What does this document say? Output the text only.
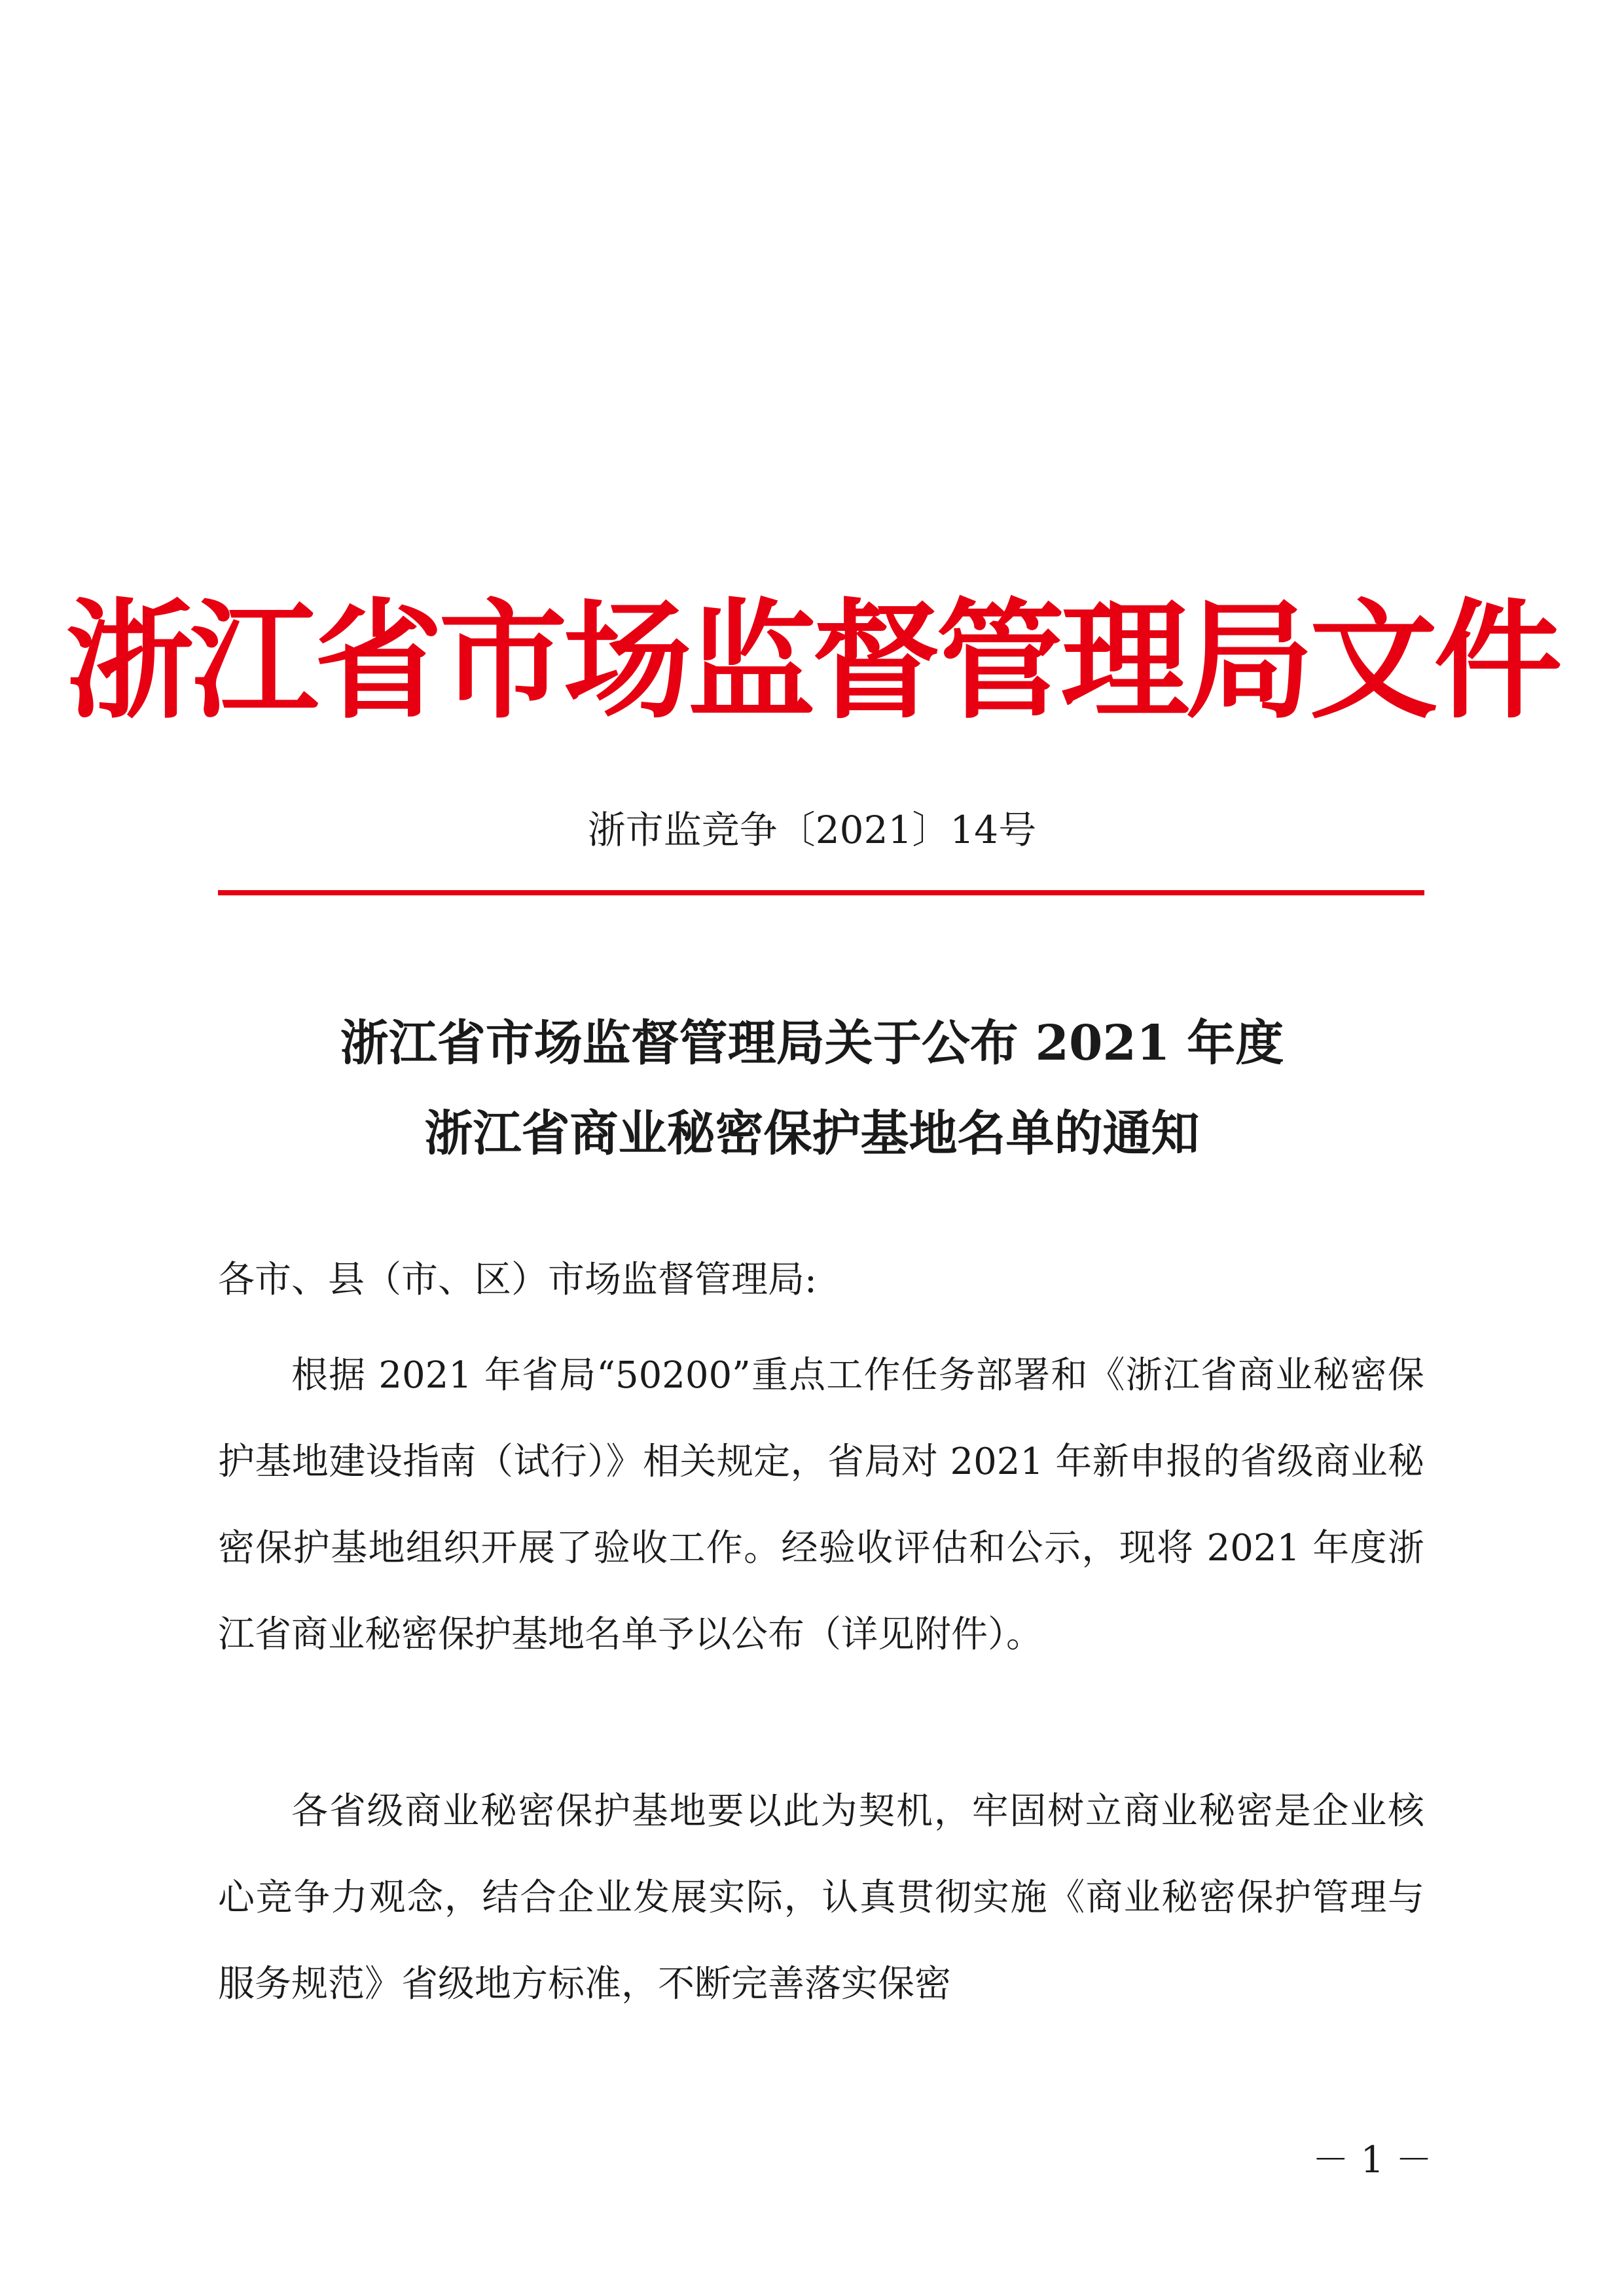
浙江省市场监督管理局文件
浙市监竞争〔2021〕14号
浙江省市场监督管理局关于公布 2021 年度
浙江省商业秘密保护基地名单的通知
各市、县（市、区）市场监督管理局:
根据 2021 年省局“50200”重点工作任务部署和《浙江省商业秘密保护基地建设指南（试行）》相关规定，省局对 2021 年新申报的省级商业秘密保护基地组织开展了验收工作。经验收评估和公示，现将 2021 年度浙江省商业秘密保护基地名单予以公布（详见附件）。
各省级商业秘密保护基地要以此为契机，牢固树立商业秘密是企业核心竞争力观念，结合企业发展实际，认真贯彻实施《商业秘密保护管理与服务规范》省级地方标准，不断完善落实保密
－ 1 －
